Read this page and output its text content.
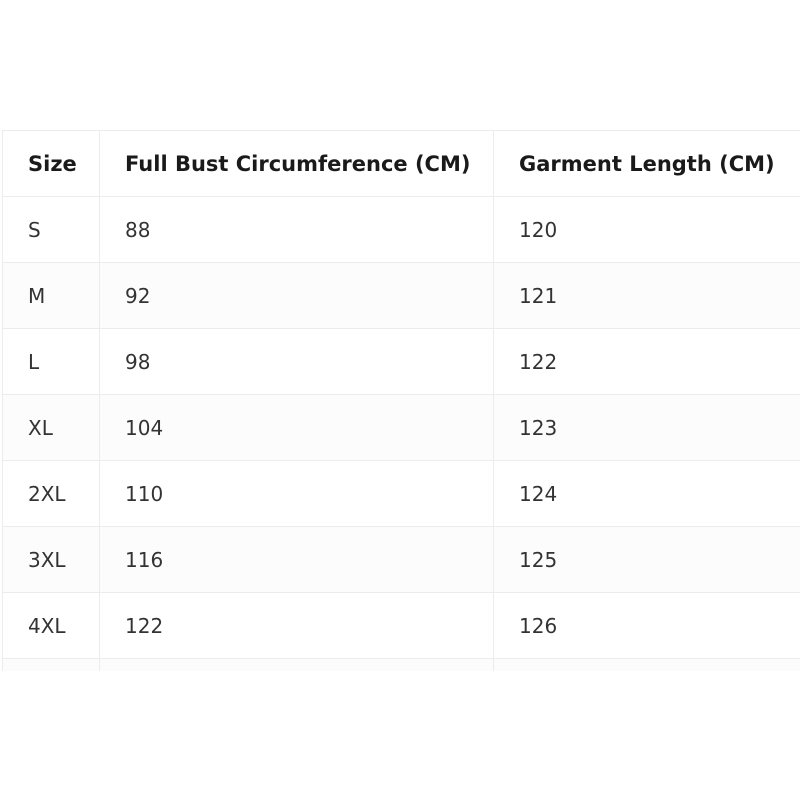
Size	Full Bust Circumference (CM)	Garment Length (CM)
S	88	120
M	92	121
L	98	122
XL	104	123
2XL	110	124
3XL	116	125
4XL	122	126
